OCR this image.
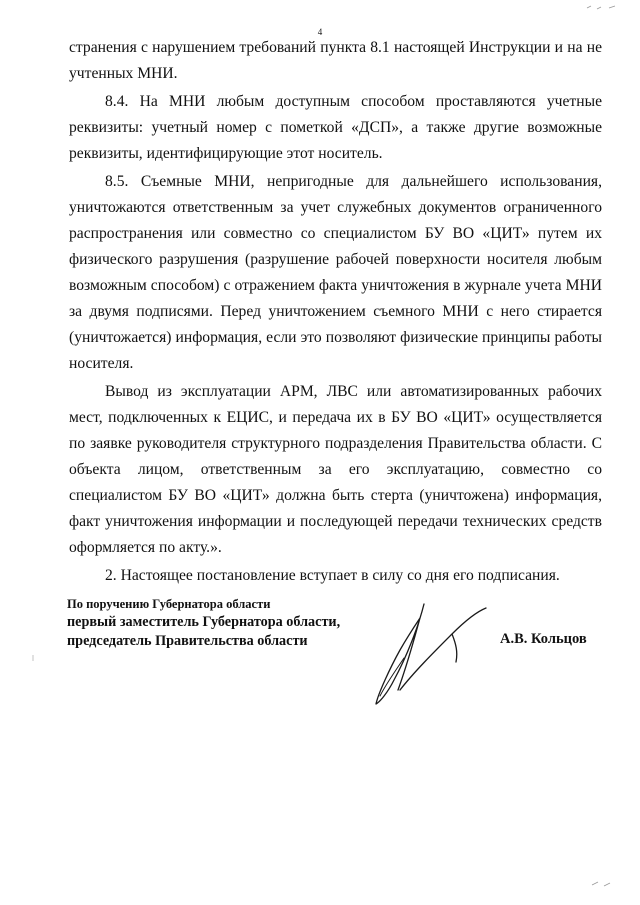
4

странения с нарушением требований пункта 8.1 настоящей Инструкции и на не учтенных МНИ.

8.4. На МНИ любым доступным способом проставляются учетные реквизиты: учетный номер с пометкой «ДСП», а также другие возможные реквизиты, идентифицирующие этот носитель.

8.5. Съемные МНИ, непригодные для дальнейшего использования, уничтожаются ответственным за учет служебных документов ограниченного распространения или совместно со специалистом БУ ВО «ЦИТ» путем их физического разрушения (разрушение рабочей поверхности носителя любым возможным способом) с отражением факта уничтожения в журнале учета МНИ за двумя подписями. Перед уничтожением съемного МНИ с него стирается (уничтожается) информация, если это позволяют физические принципы работы носителя.

Вывод из эксплуатации АРМ, ЛВС или автоматизированных рабочих мест, подключенных к ЕЦИС, и передача их в БУ ВО «ЦИТ» осуществляется по заявке руководителя структурного подразделения Правительства области. С объекта лицом, ответственным за его эксплуатацию, совместно со специалистом БУ ВО «ЦИТ» должна быть стерта (уничтожена) информация, факт уничтожения информации и последующей передачи технических средств оформляется по акту.».

2. Настоящее постановление вступает в силу со дня его подписания.

По поручению Губернатора области
первый заместитель Губернатора области,
председатель Правительства области	А.В. Кольцов
